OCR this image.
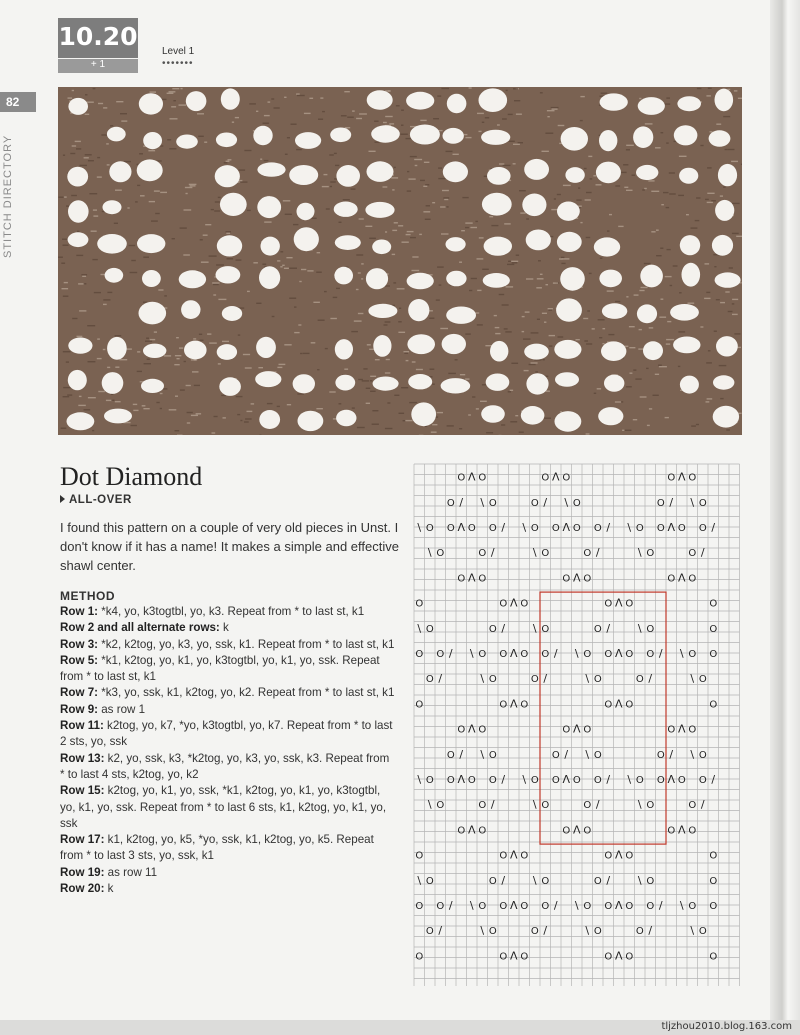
10.20
+ 1
Level 1
•••••••
82
STITCH DIRECTORY
Dot Diamond
ALL-OVER
I found this pattern on a couple of very old pieces in Unst. I don't know if it has a name! It makes a simple and effective shawl center.
METHOD

Row 1: *k4, yo, k3togtbl, yo, k3. Repeat from * to last st, k1

Row 2 and all alternate rows: k

Row 3: *k2, k2tog, yo, k3, yo, ssk, k1. Repeat from * to last st, k1

Row 5: *k1, k2tog, yo, k1, yo, k3togtbl, yo, k1, yo, ssk. Repeat from * to last st, k1

Row 7: *k3, yo, ssk, k1, k2tog, yo, k2. Repeat from * to last st, k1

Row 9: as row 1

Row 11: k2tog, yo, k7, *yo, k3togtbl, yo, k7. Repeat from * to last 2 sts, yo, ssk

Row 13: k2, yo, ssk, k3, *k2tog, yo, k3, yo, ssk, k3. Repeat from * to last 4 sts, k2tog, yo, k2

Row 15: k2tog, yo, k1, yo, ssk, *k1, k2tog, yo, k1, yo, k3togtbl, yo, k1, yo, ssk. Repeat from * to last 6 sts, k1, k2tog, yo, k1, yo, ssk

Row 17: k1, k2tog, yo, k5, *yo, ssk, k1, k2tog, yo, k5. Repeat from * to last 3 sts, yo, ssk, k1

Row 19: as row 11

Row 20: k

O Λ O	O Λ O	O Λ O
O / \ O	O / \ O	O / \ O
\ O O Λ O O / \ O O Λ O O / \ O O Λ O O /
\ O	O /	\ O	O /	\ O	O /
O Λ O	O Λ O	O Λ O
O	O Λ O	O Λ O	O
\ O	O /	\ O	O /	\ O	O
O O / \ O O Λ O O / \ O O Λ O O / \ O O
O /	\ O	O /	\ O	O /	\ O
O	O Λ O	O Λ O	O
O Λ O	O Λ O	O Λ O
O / \ O	O / \ O	O / \ O
\ O O Λ O O / \ O O Λ O O / \ O O Λ O O /
\ O	O /	\ O	O /	\ O	O /
O Λ O	O Λ O	O Λ O
O	O Λ O	O Λ O	O
\ O	O /	\ O	O /	\ O	O
O O / \ O O Λ O O / \ O O Λ O O / \ O O
O /	\ O	O /	\ O	O /	\ O
O	O Λ O	O Λ O	O
tljzhou2010.blog.163.com
